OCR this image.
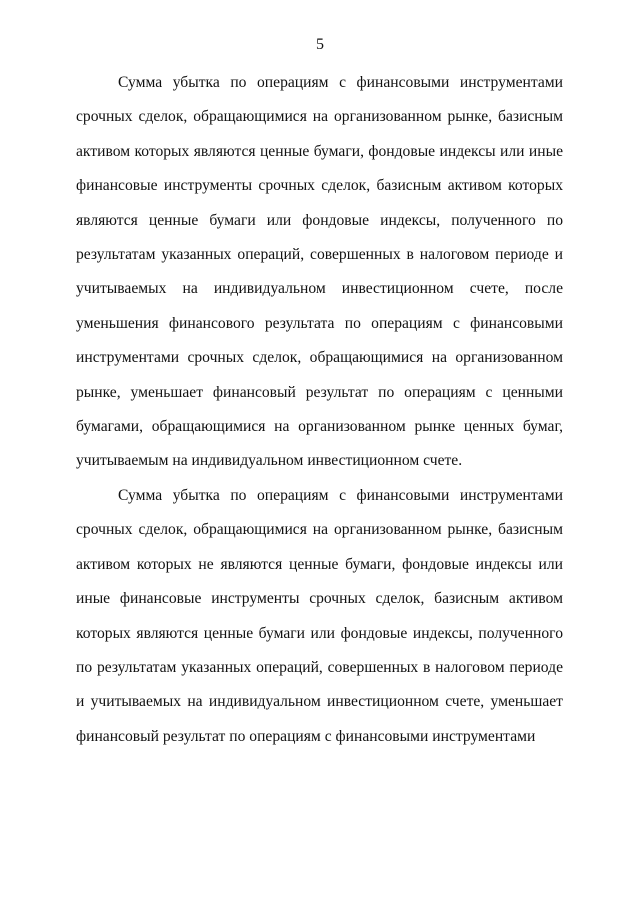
5

Сумма убытка по операциям с финансовыми инструментами срочных сделок, обращающимися на организованном рынке, базисным активом которых являются ценные бумаги, фондовые индексы или иные финансовые инструменты срочных сделок, базисным активом которых являются ценные бумаги или фондовые индексы, полученного по результатам указанных операций, совершенных в налоговом периоде и учитываемых на индивидуальном инвестиционном счете, после уменьшения финансового результата по операциям с финансовыми инструментами срочных сделок, обращающимися на организованном рынке, уменьшает финансовый результат по операциям с ценными бумагами, обращающимися на организованном рынке ценных бумаг, учитываемым на индивидуальном инвестиционном счете.

Сумма убытка по операциям с финансовыми инструментами срочных сделок, обращающимися на организованном рынке, базисным активом которых не являются ценные бумаги, фондовые индексы или иные финансовые инструменты срочных сделок, базисным активом которых являются ценные бумаги или фондовые индексы, полученного по результатам указанных операций, совершенных в налоговом периоде и учитываемых на индивидуальном инвестиционном счете, уменьшает финансовый результат по операциям с финансовыми инструментами
